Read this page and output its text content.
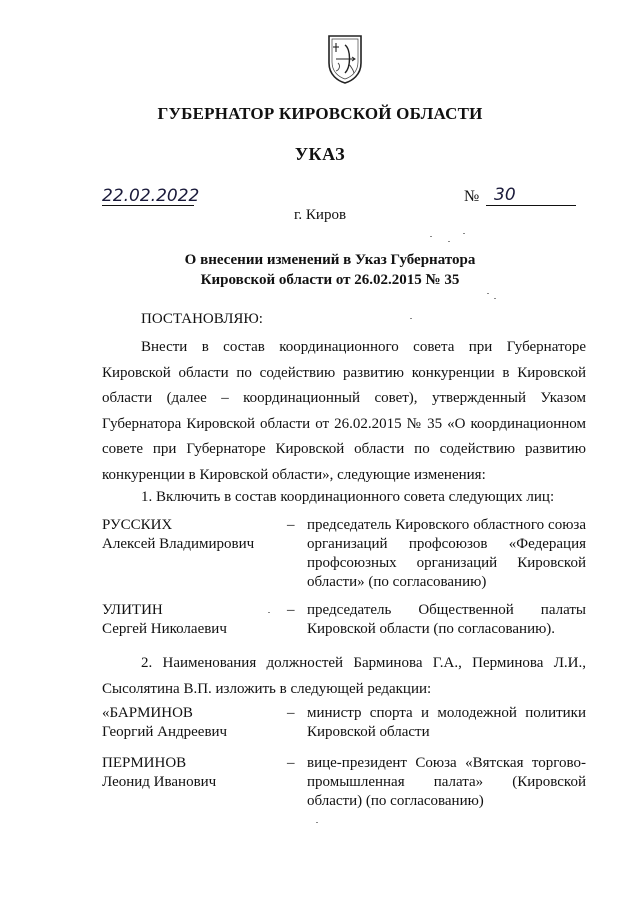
ГУБЕРНАТОР КИРОВСКОЙ ОБЛАСТИ
УКАЗ
22.02.2022	№ 30
г. Киров
О внесении изменений в Указ Губернатора
Кировской области от 26.02.2015 № 35
ПОСТАНОВЛЯЮ:
Внести в состав координационного совета при Губернаторе Кировской области по содействию развитию конкуренции в Кировской области (далее – координационный совет), утвержденный Указом Губернатора Кировской области от 26.02.2015 № 35 «О координационном совете при Губернаторе Кировской области по содействию развитию конкуренции в Кировской области», следующие изменения:
1. Включить в состав координационного совета следующих лиц:
РУССКИХ
Алексей Владимирович
– председатель Кировского областного союза организаций профсоюзов «Федерация профсоюзных организаций Кировской области» (по согласованию)
УЛИТИН
Сергей Николаевич
– председатель Общественной палаты Кировской области (по согласованию).
2. Наименования должностей Барминова Г.А., Перминова Л.И., Сысолятина В.П. изложить в следующей редакции:
«БАРМИНОВ
Георгий Андреевич
– министр спорта и молодежной политики Кировской области
ПЕРМИНОВ
Леонид Иванович
– вице-президент Союза «Вятская торгово-промышленная палата» (Кировской области) (по согласованию)
